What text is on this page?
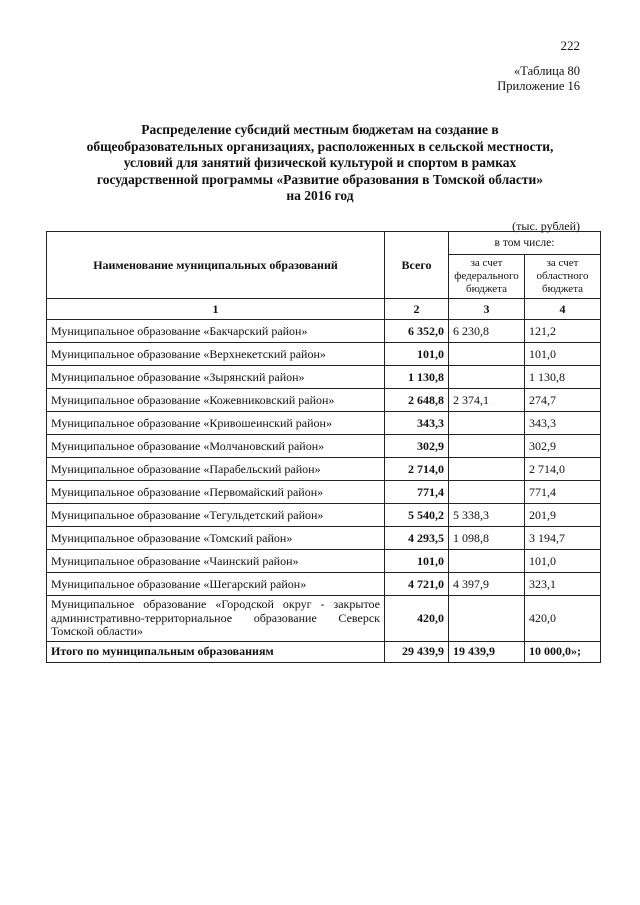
222
«Таблица 80
Приложение 16
Распределение субсидий местным бюджетам на создание в
общеобразовательных организациях, расположенных в сельской местности,
условий для занятий физической культурой и спортом в рамках
государственной программы «Развитие образования в Томской области»
на 2016 год
(тыс. рублей)
Наименование муниципальных образований	Всего	в том числе:	
		за счет федерального бюджета	за счет областного бюджета
1	2	3	4
Муниципальное образование «Бакчарский район»	6 352,0	6 230,8	121,2
Муниципальное образование «Верхнекетский район»	101,0		101,0
Муниципальное образование «Зырянский район»	1 130,8		1 130,8
Муниципальное образование «Кожевниковский район»	2 648,8	2 374,1	274,7
Муниципальное образование «Кривошеинский район»	343,3		343,3
Муниципальное образование «Молчановский район»	302,9		302,9
Муниципальное образование «Парабельский район»	2 714,0		2 714,0
Муниципальное образование «Первомайский район»	771,4		771,4
Муниципальное образование «Тегульдетский район»	5 540,2	5 338,3	201,9
Муниципальное образование «Томский район»	4 293,5	1 098,8	3 194,7
Муниципальное образование «Чаинский район»	101,0		101,0
Муниципальное образование «Шегарский район»	4 721,0	4 397,9	323,1
Муниципальное образование «Городской округ - закрытое административно-территориальное образование Северск Томской области»	420,0		420,0
Итого по муниципальным образованиям	29 439,9	19 439,9	10 000,0»;
